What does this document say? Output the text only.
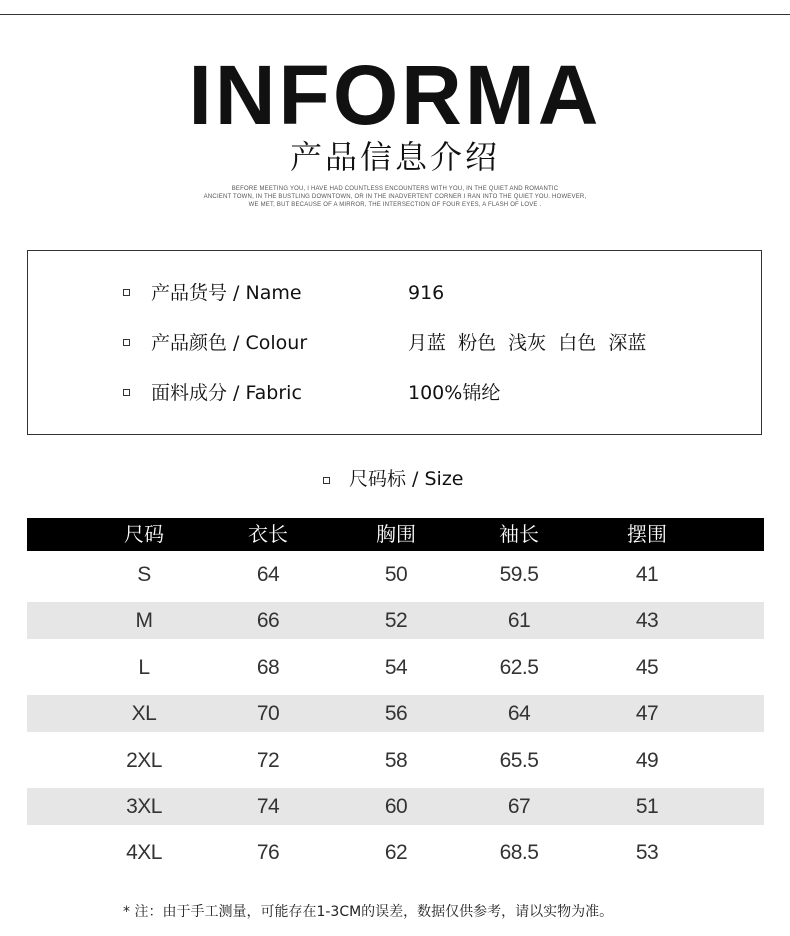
INFORMA
产品信息介绍
BEFORE MEETING YOU, I HAVE HAD COUNTLESS ENCOUNTERS WITH YOU, IN THE QUIET AND ROMANTIC
ANCIENT TOWN, IN THE BUSTLING DOWNTOWN, OR IN THE INADVERTENT CORNER I RAN INTO THE QUIET YOU. HOWEVER,
WE MET, BUT BECAUSE OF A MIRROR, THE INTERSECTION OF FOUR EYES, A FLASH OF LOVE .
产品货号 / Name	916
产品颜色 / Colour	月蓝  粉色  浅灰  白色  深蓝
面料成分 / Fabric	100%锦纶
尺码标 / Size
尺码	衣长	胸围	袖长	摆围
S	64	50	59.5	41
M	66	52	61	43
L	68	54	62.5	45
XL	70	56	64	47
2XL	72	58	65.5	49
3XL	74	60	67	51
4XL	76	62	68.5	53
* 注：由于手工测量，可能存在1-3CM的误差，数据仅供参考，请以实物为准。
